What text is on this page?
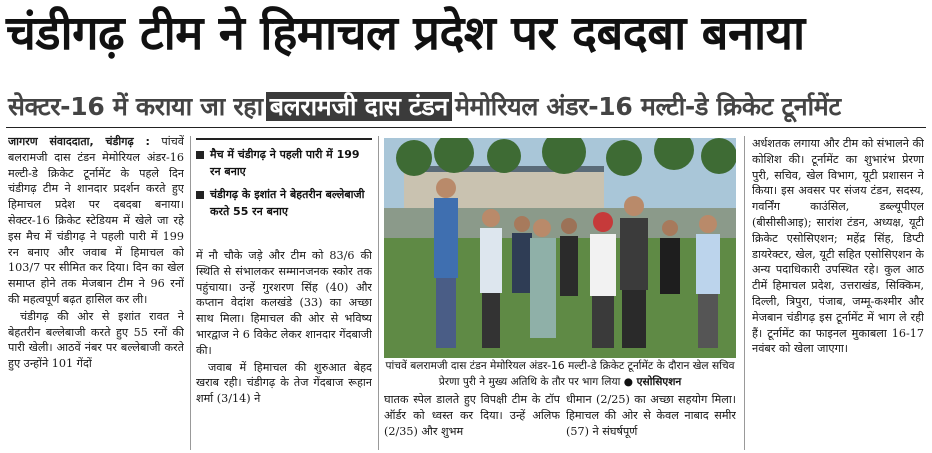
चंडीगढ़ टीम ने हिमाचल प्रदेश पर दबदबा बनाया
सेक्टर-16 में कराया जा रहा बलरामजी दास टंडन मेमोरियल अंडर-16 मल्टी-डे क्रिकेट टूर्नामेंट

जागरण संवाददाता, चंडीगढ़ : पांचवें बलरामजी दास टंडन मेमोरियल अंडर-16 मल्टी-डे क्रिकेट टूर्नामेंट के पहले दिन चंडीगढ़ टीम ने शानदार प्रदर्शन करते हुए हिमाचल प्रदेश पर दबदबा बनाया। सेक्टर-16 क्रिकेट स्टेडियम में खेले जा रहे इस मैच में चंडीगढ़ ने पहली पारी में 199 रन बनाए और जवाब में हिमाचल को 103/7 पर सीमित कर दिया। दिन का खेल समाप्त होने तक मेजबान टीम ने 96 रनों की महत्वपूर्ण बढ़त हासिल कर ली।

चंडीगढ़ की ओर से इशांत रावत ने बेहतरीन बल्लेबाजी करते हुए 55 रनों की पारी खेली। आठवें नंबर पर बल्लेबाजी करते हुए उन्होंने 101 गेंदों

मैच में चंडीगढ़ ने पहली पारी में 199 रन बनाए
चंडीगढ़ के इशांत ने बेहतरीन बल्लेबाजी करते 55 रन बनाए

में नौ चौके जड़े और टीम को 83/6 की स्थिति से संभालकर सम्मानजनक स्कोर तक पहुंचाया। उन्हें गुरशरण सिंह (40) और कप्तान वेदांश कलखंडे (33) का अच्छा साथ मिला। हिमाचल की ओर से भविष्य भारद्वाज ने 6 विकेट लेकर शानदार गेंदबाजी की।

जवाब में हिमाचल की शुरुआत बेहद खराब रही। चंडीगढ़ के तेज गेंदबाज रूहान शर्मा (3/14) ने

पांचवें बलरामजी दास टंडन मेमोरियल अंडर-16 मल्टी-डे क्रिकेट टूर्नामेंट के दौरान खेल सचिव प्रेरणा पुरी ने मुख्य अतिथि के तौर पर भाग लिया ● एसोसिएशन

घातक स्पेल डालते हुए विपक्षी टीम के टॉप ऑर्डर को ध्वस्त कर दिया। उन्हें अलिफ (2/35) और शुभम

धीमान (2/25) का अच्छा सहयोग मिला। हिमाचल की ओर से केवल नाबाद समीर (57) ने संघर्षपूर्ण

अर्धशतक लगाया और टीम को संभालने की कोशिश की। टूर्नामेंट का शुभारंभ प्रेरणा पुरी, सचिव, खेल विभाग, यूटी प्रशासन ने किया। इस अवसर पर संजय टंडन, सदस्य, गवर्निंग काउंसिल, डब्ल्यूपीएल (बीसीसीआइ); सारांश टंडन, अध्यक्ष, यूटी क्रिकेट एसोसिएशन; महेंद्र सिंह, डिप्टी डायरेक्टर, खेल, यूटी सहित एसोसिएशन के अन्य पदाधिकारी उपस्थित रहे। कुल आठ टीमें हिमाचल प्रदेश, उत्तराखंड, सिक्किम, दिल्ली, त्रिपुरा, पंजाब, जम्मू-कश्मीर और मेजबान चंडीगढ़ इस टूर्नामेंट में भाग ले रही हैं। टूर्नामेंट का फाइनल मुकाबला 16-17 नवंबर को खेला जाएगा।
